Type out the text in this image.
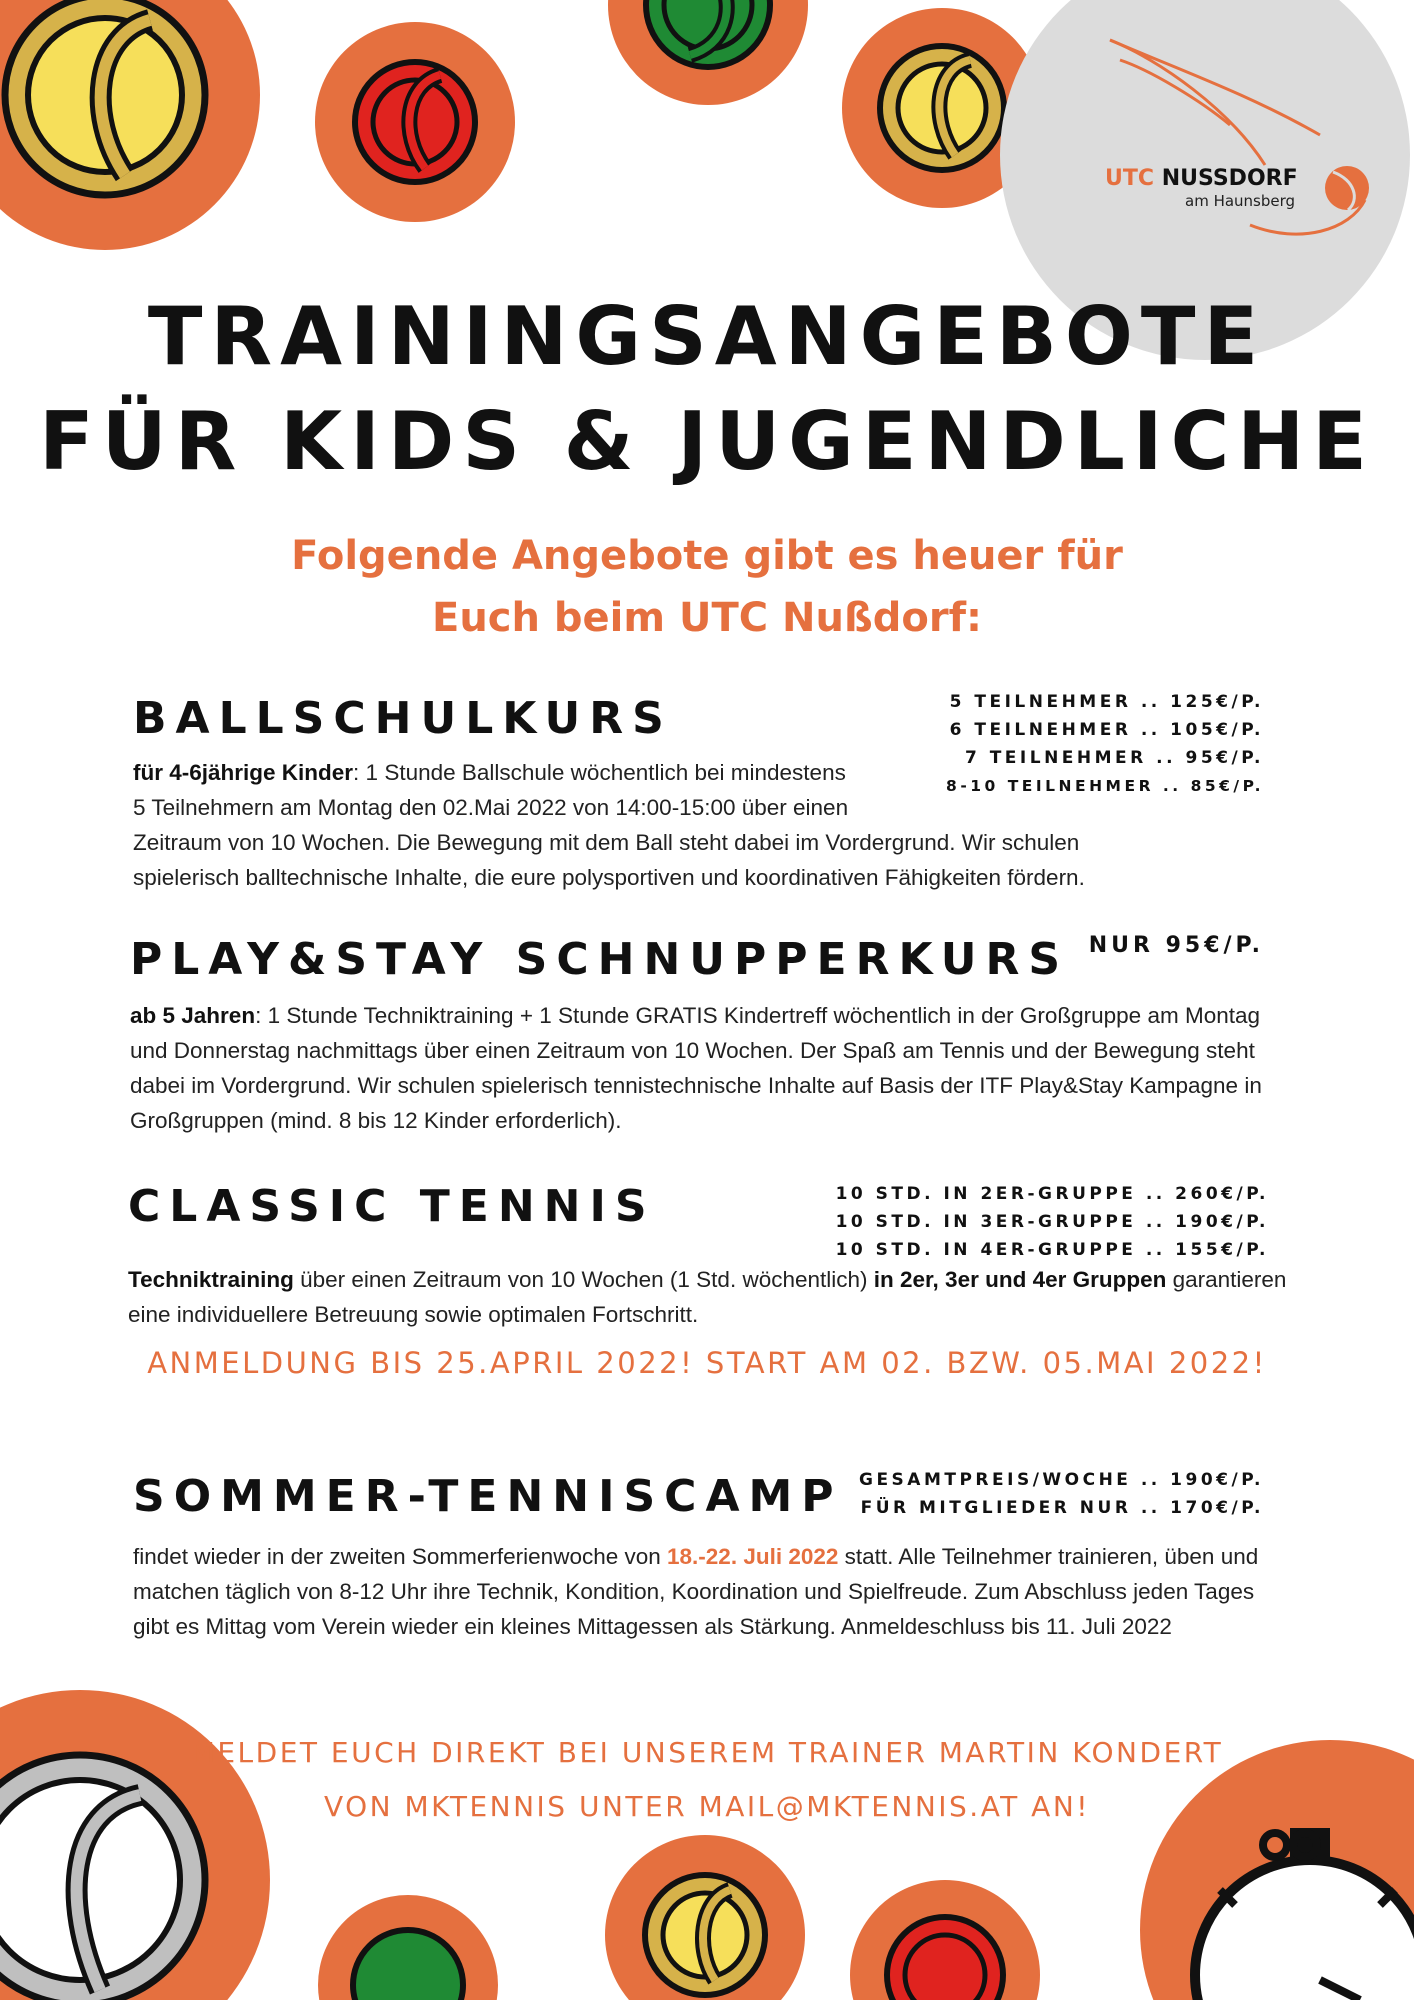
UTC NUSSDORF
am Haunsberg
TRAININGSANGEBOTE
FÜR KIDS & JUGENDLICHE
Folgende Angebote gibt es heuer für
Euch beim UTC Nußdorf:
BALLSCHULKURS	5 TEILNEHMER .. 125€/P.
6 TEILNEHMER .. 105€/P.
7 TEILNEHMER .. 95€/P.
8-10 TEILNEHMER .. 85€/P.
für 4-6jährige Kinder: 1 Stunde Ballschule wöchentlich bei mindestens
5 Teilnehmern am Montag den 02.Mai 2022 von 14:00-15:00 über einen
Zeitraum von 10 Wochen. Die Bewegung mit dem Ball steht dabei im Vordergrund. Wir schulen
spielerisch balltechnische Inhalte, die eure polysportiven und koordinativen Fähigkeiten fördern.
PLAY&STAY SCHNUPPERKURS NUR 95€/P.
ab 5 Jahren: 1 Stunde Techniktraining + 1 Stunde GRATIS Kindertreff wöchentlich in der Großgruppe am Montag und Donnerstag nachmittags über einen Zeitraum von 10 Wochen. Der Spaß am Tennis und der Bewegung steht dabei im Vordergrund. Wir schulen spielerisch tennistechnische Inhalte auf Basis der ITF Play&Stay Kampagne in Großgruppen (mind. 8 bis 12 Kinder erforderlich).
CLASSIC TENNIS	10 STD. IN 2ER-GRUPPE .. 260€/P.
10 STD. IN 3ER-GRUPPE .. 190€/P.
10 STD. IN 4ER-GRUPPE .. 155€/P.
Techniktraining über einen Zeitraum von 10 Wochen (1 Std. wöchentlich) in 2er, 3er und 4er Gruppen garantieren eine individuellere Betreuung sowie optimalen Fortschritt.
ANMELDUNG BIS 25.APRIL 2022! START AM 02. BZW. 05.MAI 2022!
SOMMER-TENNISCAMP GESAMTPREIS/WOCHE .. 190€/P.
FÜR MITGLIEDER NUR .. 170€/P.
findet wieder in der zweiten Sommerferienwoche von 18.-22. Juli 2022 statt. Alle Teilnehmer trainieren, üben und matchen täglich von 8-12 Uhr ihre Technik, Kondition, Koordination und Spielfreude. Zum Abschluss jeden Tages gibt es Mittag vom Verein wieder ein kleines Mittagessen als Stärkung. Anmeldeschluss bis 11. Juli 2022
MELDET EUCH DIREKT BEI UNSEREM TRAINER MARTIN KONDERT
VON MKTENNIS UNTER MAIL@MKTENNIS.AT AN!
